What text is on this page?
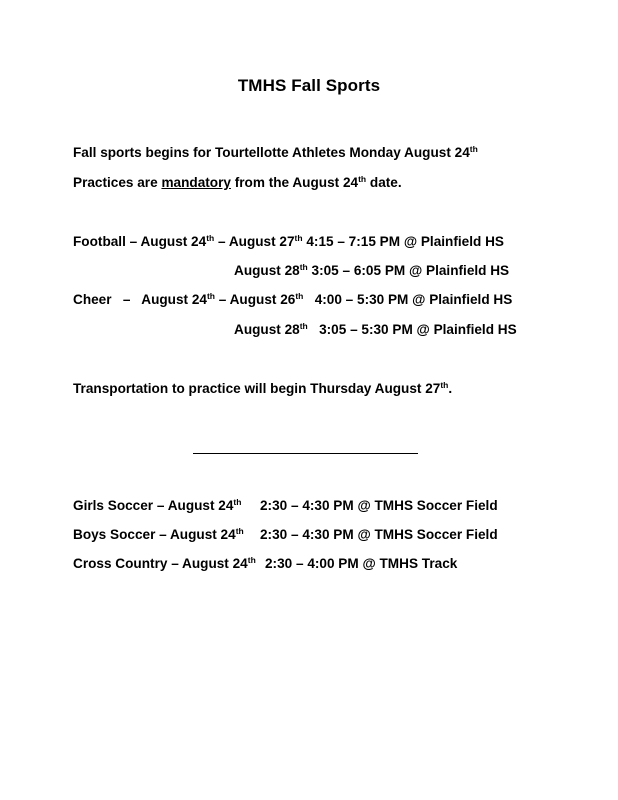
TMHS Fall Sports
Fall sports begins for Tourtellotte Athletes Monday August 24th
Practices are mandatory from the August 24th date.
Football – August 24th – August 27th 4:15 – 7:15 PM @ Plainfield HS
August 28th 3:05 – 6:05 PM @ Plainfield HS
Cheer   –   August 24th – August 26th   4:00 – 5:30 PM @ Plainfield HS
August 28th   3:05 – 5:30 PM @ Plainfield HS
Transportation to practice will begin Thursday August 27th.
Girls Soccer – August 24th 2:30 – 4:30 PM @ TMHS Soccer Field
Boys Soccer – August 24th 2:30 – 4:30 PM @ TMHS Soccer Field
Cross Country – August 24th 2:30 – 4:00 PM @ TMHS Track
